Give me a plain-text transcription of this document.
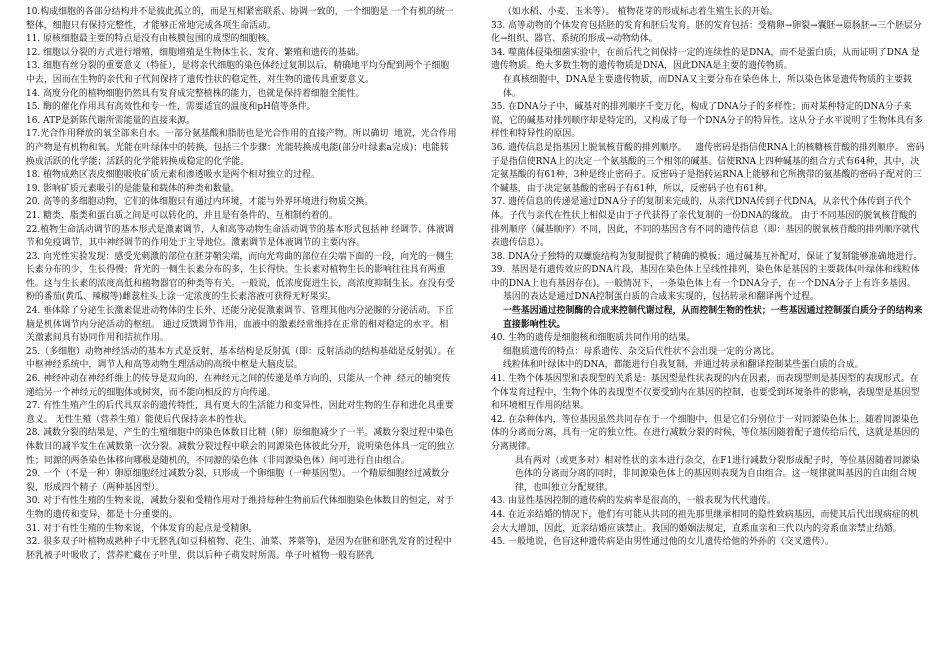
10.构成细胞的各部分结构并不是彼此孤立的，而是互相紧密联系、协调一致的，一个细胞是 一个有机的统一整体，细胞只有保持完整性，才能够正常地完成各项生命活动。

11. 原核细胞最主要的特点是没有由核膜包围的成型的细胞核。

12. 细胞以分裂的方式进行增殖，细胞增殖是生物体生长、发育、繁殖和遗传的基础。

13. 细胞有丝分裂的重要意义（特征），是将亲代细胞的染色体经过复制以后，精确地平均分配到两个子细胞中去，因而在生物的亲代和子代间保持了遗传性状的稳定性，对生物的遗传具重要意义。

14. 高度分化的植物细胞仍然具有发育成完整植株的能力，也就是保持着细胞全能性。

15. 酶的催化作用具有高效性和专一性，需要适宜的温度和pH值等条件。

16. ATP是新陈代谢所需能量的直接来源。

17.光合作用释放的氧全部来自水。一部分氨基酸和脂肪也是光合作用的直接产物。所以确切  地说，光合作用的产物是有机物和氧。光能在叶绿体中的转换，包括三个步骤：光能转换成电能(部分叶绿素a完成)；电能转换成活跃的化学能；活跃的化学能转换成稳定的化学能。

18. 植物成熟区表皮细胞吸收矿质元素和渗透吸水是两个相对独立的过程。

19. 影响矿质元素吸引的是能量和载体的种类和数量。

20. 高等的多细胞动物，它们的体细胞只有通过内环境，才能与外界环境进行物质交换。

21. 糖类、脂类和蛋白质之间是可以转化的，并且是有条件的、互相制约着的。

22.植物生命活动调节的基本形式是激素调节，人和高等动物生命活动调节的基本形式包括神 经调节、体液调节和免疫调节，其中神经调节的作用处于主导地位。激素调节是体液调节的主要内容。

23. 向光性实验发现：感受光刺激的部位在胚芽鞘尖端，而向光弯曲的部位在尖端下面的一段，向光的一侧生长素分布的少，生长得慢；背光的一侧生长素分布的多，生长得快。生长素对植物生长的影响往往具有两重性。这与生长素的浓度高低和植物器官的种类等有关。一般说，低浓度促进生长，高浓度抑制生长。在没有受粉的番茄(黄瓜、辣椒等)雌蕊柱头上涂一定浓度的生长素溶液可获得无籽果实。

24. 垂体除了分泌生长激素促进动物体的生长外，还能分泌促激素调节、管理其他内分泌腺的分泌活动。下丘脑是机体调节内分泌活动的枢纽。 通过反馈调节作用，血液中的激素经常维持在正常的相对稳定的水平。相关激素间具有协同作用和拮抗作用。

25.（多细胞）动物神经活动的基本方式是反射，基本结构是反射弧（即：反射活动的结构基础是反射弧）。在中枢神经系统中，调节人和高等动物生理活动的高级中枢是大脑皮层。

26. 神经冲动在神经纤维上的传导是双向的，在神经元之间的传递是单方向的，只能从一个神  经元的轴突传递给另一个神经元的细胞体或树突，而不能向相反的方向传递。

27. 有性生殖产生的后代具双亲的遗传特性，具有更大的生活能力和变异性，因此对生物的生存和进化具重要意义。 无性生殖（营养生殖）能使后代保持亲本的性状。

28. 减数分裂的结果是，产生的生殖细胞中的染色体数目比精（卵）原细胞减少了一半。减数分裂过程中染色体数目的减半发生在减数第一次分裂。减数分裂过程中联会的同源染色体彼此分开，说明染色体具一定的独立性；同源的两条染色体移向哪极是随机的，不同源的染色体（非同源染色体）间可进行自由组合。

29. 一个（不是一种）卵原细胞经过减数分裂，只形成一个卵细胞（一种基因型）。一个精原细胞经过减数分裂，形成四个精子（两种基因型）。

30. 对于有性生殖的生物来说，减数分裂和受精作用对于维持每种生物前后代体细胞染色体数目的恒定，对于生物的遗传和变异，都是十分重要的。

31. 对于有性生殖的生物来说，个体发育的起点是受精卵。

32. 很多双子叶植物成熟种子中无胚乳(如豆科植物、花生、油菜、荠菜等)，是因为在胚和胚乳发育的过程中胚乳被子叶吸收了，营养贮藏在子叶里，供以后种子萌发时所需。单子叶植物一般有胚乳

（如水稻、小麦、玉米等）。 植物花芽的形成标志着生殖生长的开始。

33. 高等动物的个体发育包括胚的发育和胚后发育。胚的发育包括：受精卵→卵裂→囊胚→原肠胚→三个胚层分化→组织、器官、系统的形成→动物幼体。

34. 噬菌体侵染细菌实验中，在前后代之间保持一定的连续性的是DNA，而不是蛋白质，从而证明了DNA 是遗传物质。绝大多数生物的遗传物质是DNA，因此DNA是主要的遗传物质。

在真核细胞中，DNA是主要遗传物质，而DNA又主要分布在染色体上，所以染色体是遗传物质的主要载体。

35. 在DNA分子中，碱基对的排列顺序千变万化，构成了DNA分子的多样性；而对某种特定的DNA分子来说，它的碱基对排列顺序却是特定的，又构成了每一个DNA分子的特异性。这从分子水平说明了生物体具有多样性和特异性的原因。

36. 遗传信息是指基因上脱氧核苷酸的排列顺序。   遗传密码是指信使RNA上的核糖核苷酸的排列顺序。 密码子是指信使RNA上的决定一个氨基酸的三个相邻的碱基。信使RNA上四种碱基的组合方式有64种，其中，决定氨基酸的有61种，3种是终止密码子。反密码子是指转运RNA上能够和它所携带的氨基酸的密码子配对的三个碱基，由于决定氨基酸的密码子有61种，所以，反密码子也有61种。

37. 遗传信息的传递是通过DNA分子的复制来完成的，从亲代DNA传到子代DNA，从亲代个体传到子代个体。子代与亲代在性状上相似是由于子代获得了亲代复制的一份DNA的缘故。 由于不同基因的脱氧核苷酸的排列顺序（碱基顺序）不同，因此，不同的基因含有不同的遗传信息（即：基因的脱氧核苷酸的排列顺序就代表遗传信息）。

38. DNA分子独特的双螺旋结构为复制提供了精确的模板；通过碱基互补配对，保证了复制能够准确地进行。

39.  基因是有遗传效应的DNA片段，基因在染色体上呈线性排列，染色体是基因的主要载体(叶绿体和线粒体中的DNA上也有基因存在)。一般情况下，一条染色体上有一个DNA分子，在一个DNA分子上有许多基因。

基因的表达是通过DNA控制蛋白质的合成来实现的，包括转录和翻译两个过程。

一些基因通过控制酶的合成来控制代谢过程，从而控制生物的性状；一些基因通过控制蛋白质分子的结构来直接影响性状。

40. 生物的遗传是细胞核和细胞质共同作用的结果。

细胞质遗传的特点：母系遗传、杂交后代性状不会出现一定的分离比。

线粒体和叶绿体中的DNA，都能进行自我复制，并通过转录和翻译控制某些蛋白质的合成。

41. 生物个体基因型和表现型的关系是：基因型是性状表现的内在因素，而表现型则是基因型的表现形式。在个体发育过程中，生物个体的表现型不仅要受到内在基因的控制，也要受到环境条件的影响，表现型是基因型和环境相互作用的结果。

42. 在杂种体内，等位基因虽然共同存在于一个细胞中，但是它们分别位于一对同源染色体上，随着同源染色体的分离而分离，具有一定的独立性。在进行减数分裂的时候，等位基因随着配子遗传给后代，这就是基因的分离规律。

具有两对（或更多对）相对性状的亲本进行杂交，在F1进行减数分裂形成配子时，等位基因随着同源染色体的分离而分离的同时，非同源染色体上的基因则表现为自由组合。这一规律就叫基因的自由组合规律，也叫独立分配规律。

43. 由显性基因控制的遗传病的发病率是很高的，一般表现为代代遗传。

44. 在近亲结婚的情况下，他们有可能从共同的祖先那里继承相同的隐性致病基因，而使其后代出现病症的机会大大增加，因此，近亲结婚应该禁止。我国的婚姻法规定，直系血亲和三代以内的旁系血亲禁止结婚。

45. 一般地说，色盲这种遗传病是由男性通过他的女儿遗传给他的外孙的（交叉遗传）。
